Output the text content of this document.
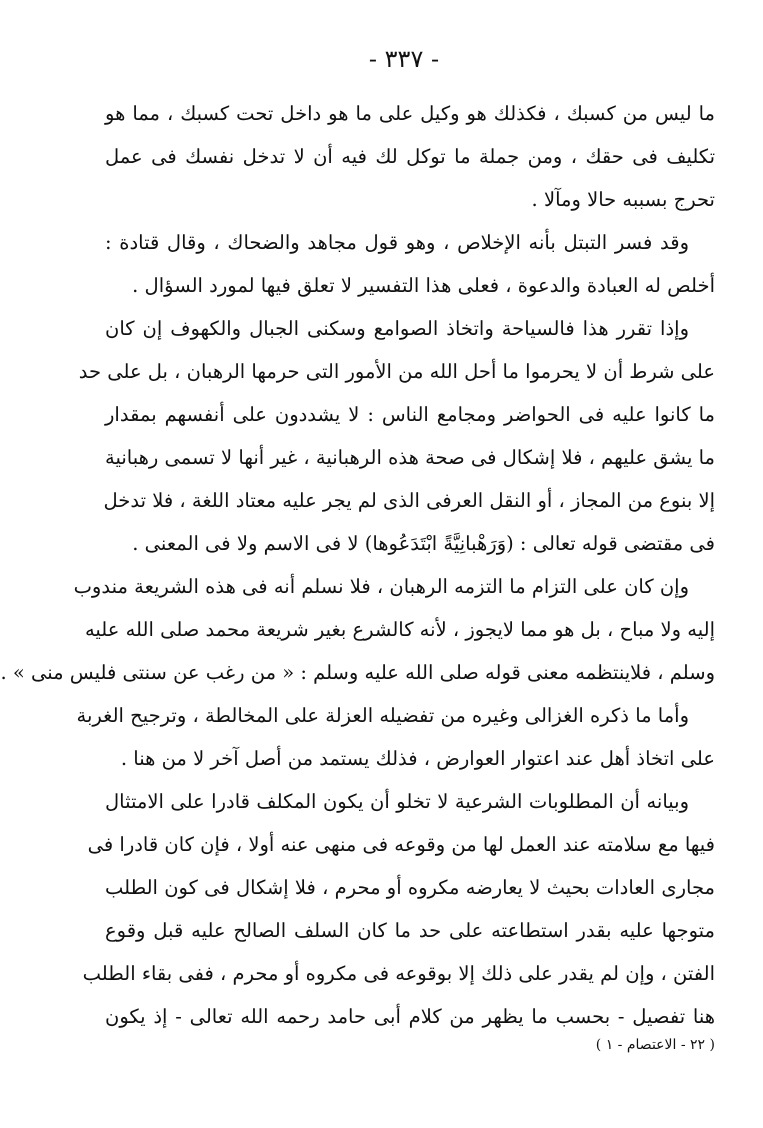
- ٣٣٧ -
ما ليس من كسبك ، فكذلك هو وكيل على ما هو داخل تحت كسبك ، مما هو
تكليف فى حقك ، ومن جملة ما توكل لك فيه أن لا تدخل نفسك فى عمل
تحرج بسببه حالا ومآلا .
وقد فسر التبتل بأنه الإخلاص ، وهو قول مجاهد والضحاك ، وقال قتادة :
أخلص له العبادة والدعوة ، فعلى هذا التفسير لا تعلق فيها لمورد السؤال .
وإذا تقرر هذا فالسياحة واتخاذ الصوامع وسكنى الجبال والكهوف إن كان
على شرط أن لا يحرموا ما أحل الله من الأمور التى حرمها الرهبان ، بل على حد
ما كانوا عليه فى الحواضر ومجامع الناس : لا يشددون على أنفسهم بمقدار
ما يشق عليهم ، فلا إشكال فى صحة هذه الرهبانية ، غير أنها لا تسمى رهبانية
إلا بنوع من المجاز ، أو النقل العرفى الذى لم يجر عليه معتاد اللغة ، فلا تدخل
فى مقتضى قوله تعالى : (وَرَهْبانِيَّةً ابْتَدَعُوها) لا فى الاسم ولا فى المعنى .
وإن كان على التزام ما التزمه الرهبان ، فلا نسلم أنه فى هذه الشريعة مندوب
إليه ولا مباح ، بل هو مما لايجوز ، لأنه كالشرع بغير شريعة محمد صلى الله عليه
وسلم ، فلاينتظمه معنى قوله صلى الله عليه وسلم : « من رغب عن سنتى فليس منى » .
وأما ما ذكره الغزالى وغيره من تفضيله العزلة على المخالطة ، وترجيح الغربة
على اتخاذ أهل عند اعتوار العوارض ، فذلك يستمد من أصل آخر لا من هنا .
وبيانه أن المطلوبات الشرعية لا تخلو أن يكون المكلف قادرا على الامتثال
فيها مع سلامته عند العمل لها من وقوعه فى منهى عنه أولا ، فإن كان قادرا فى
مجارى العادات بحيث لا يعارضه مكروه أو محرم ، فلا إشكال فى كون الطلب
متوجها عليه بقدر استطاعته على حد ما كان السلف الصالح عليه قبل وقوع
الفتن ، وإن لم يقدر على ذلك إلا بوقوعه فى مكروه أو محرم ، ففى بقاء الطلب
هنا تفصيل - بحسب ما يظهر من كلام أبى حامد رحمه الله تعالى - إذ يكون
( ٢٢ - الاعتصام - ١ )
